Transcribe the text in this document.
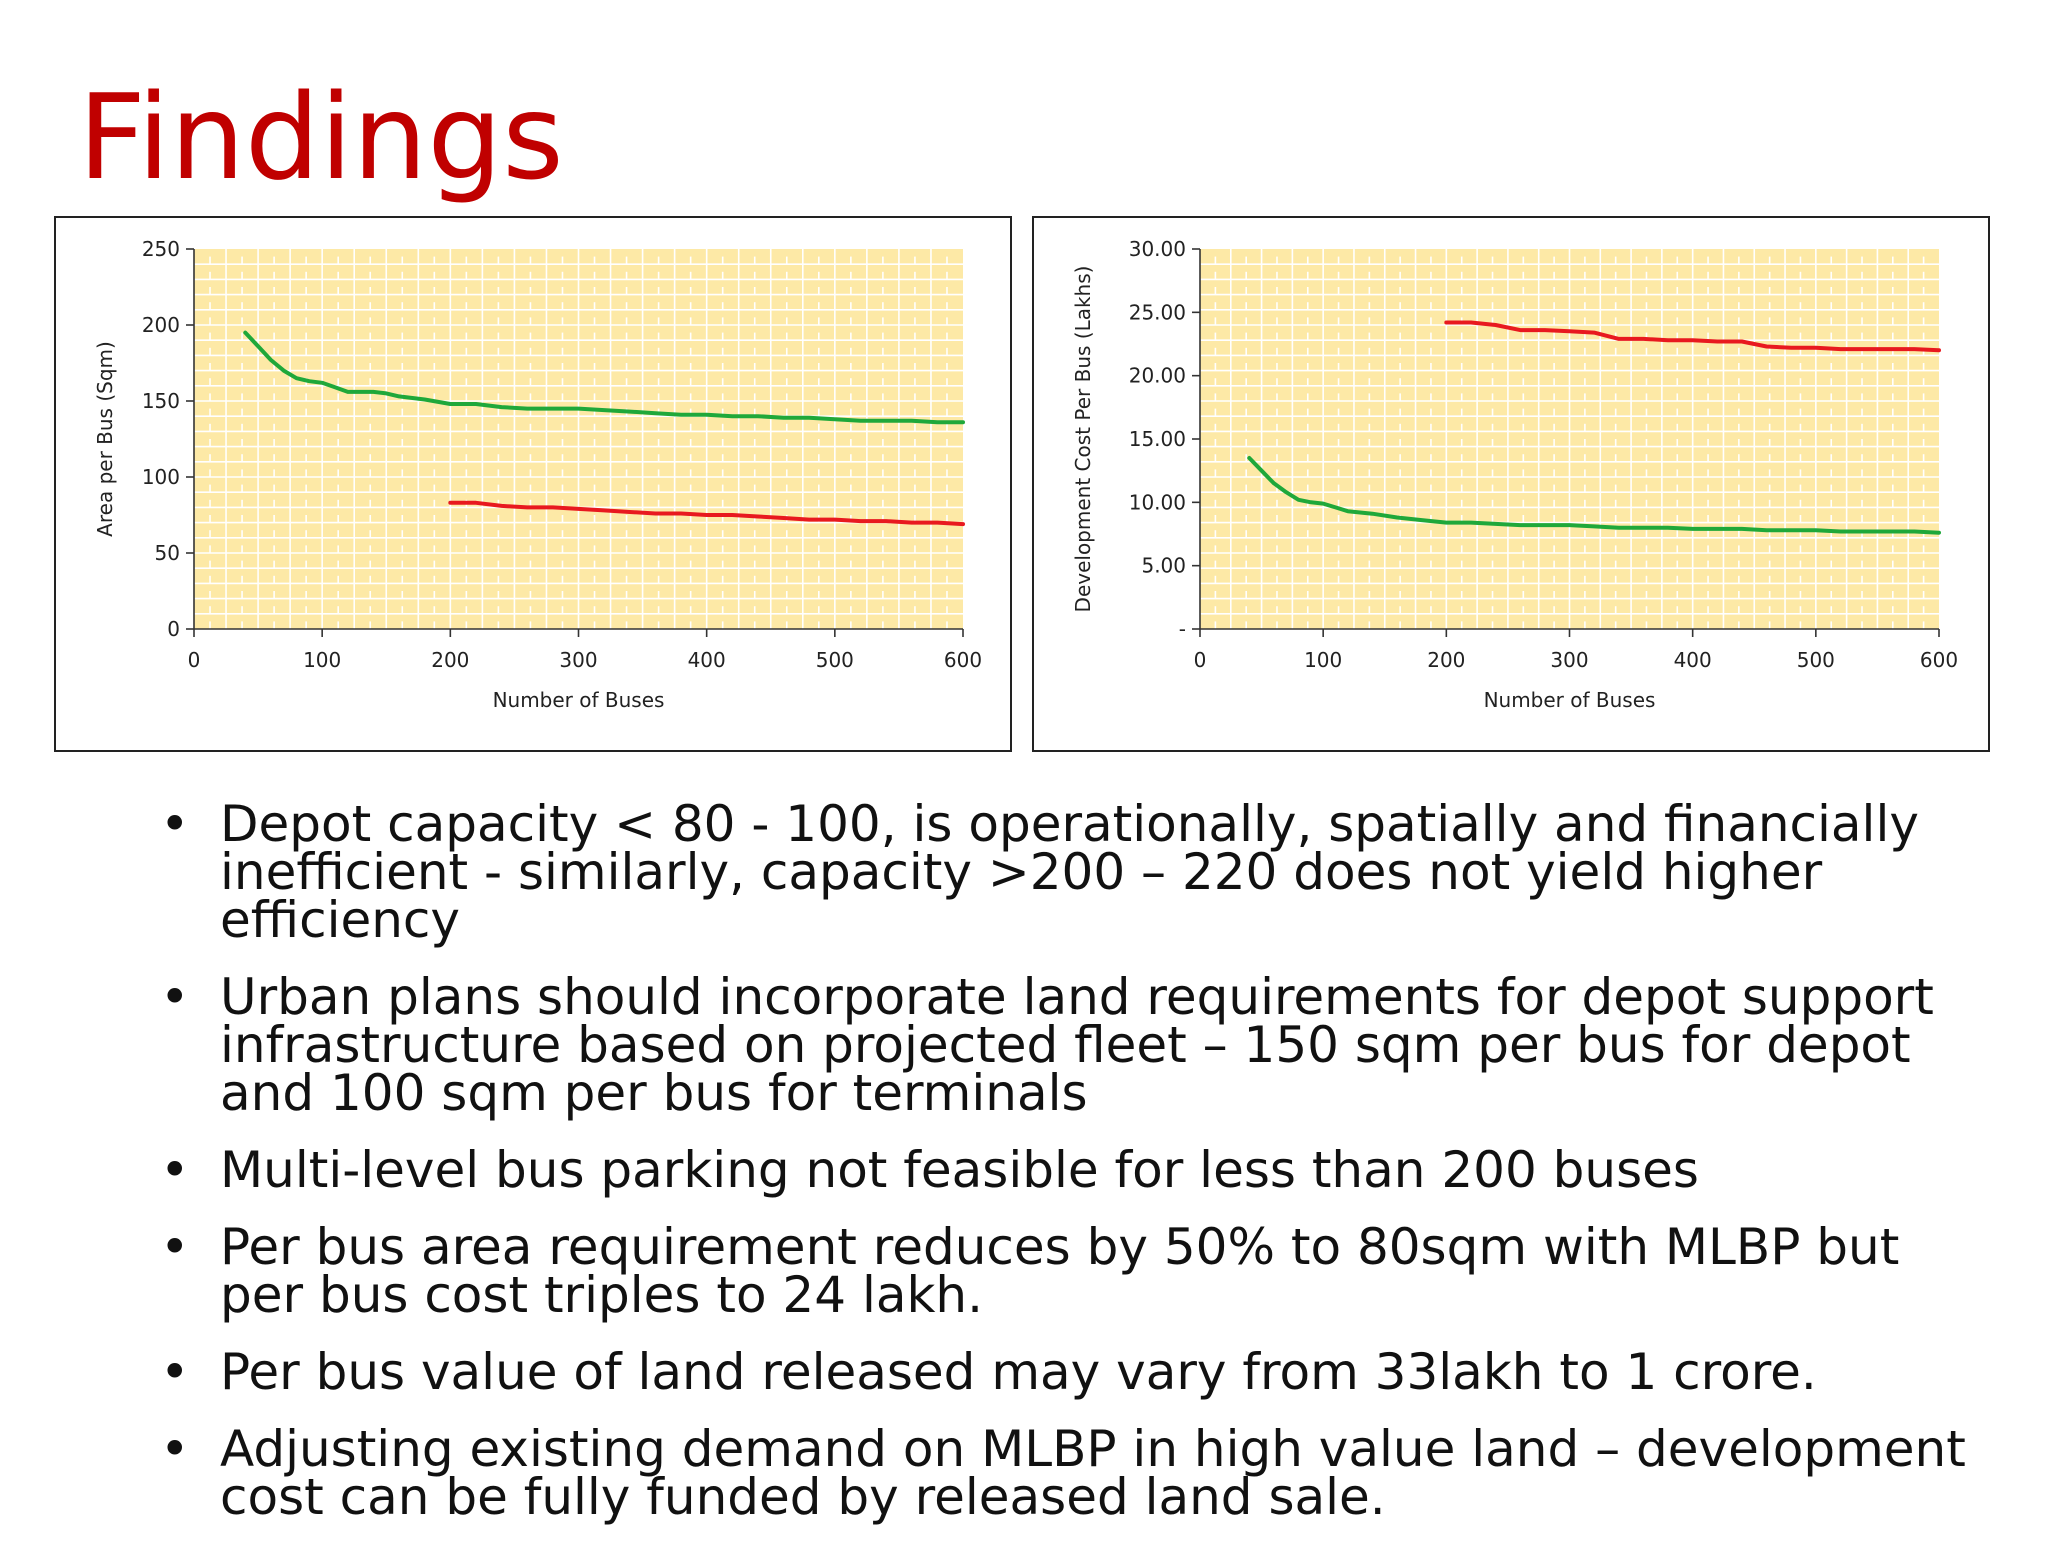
Findings
0
50
100
150
200
250
0	100	200	300	400	500	600
Number of Buses
Area per Bus (Sqm)
-
5.00
10.00
15.00
20.00
25.00
30.00
0	100	200	300	400	500	600
Number of Buses
Development Cost Per Bus (Lakhs)
• Depot capacity < 80 - 100, is operationally, spatially and financially inefficient - similarly, capacity >200 – 220 does not yield higher efficiency
• Urban plans should incorporate land requirements for depot support infrastructure based on projected fleet – 150 sqm per bus for depot and 100 sqm per bus for terminals
• Multi-level bus parking not feasible for less than 200 buses
• Per bus area requirement reduces by 50% to 80sqm with MLBP but per bus cost triples to 24 lakh.
• Per bus value of land released may vary from 33lakh to 1 crore.
• Adjusting existing demand on MLBP in high value land – development cost can be fully funded by released land sale.
